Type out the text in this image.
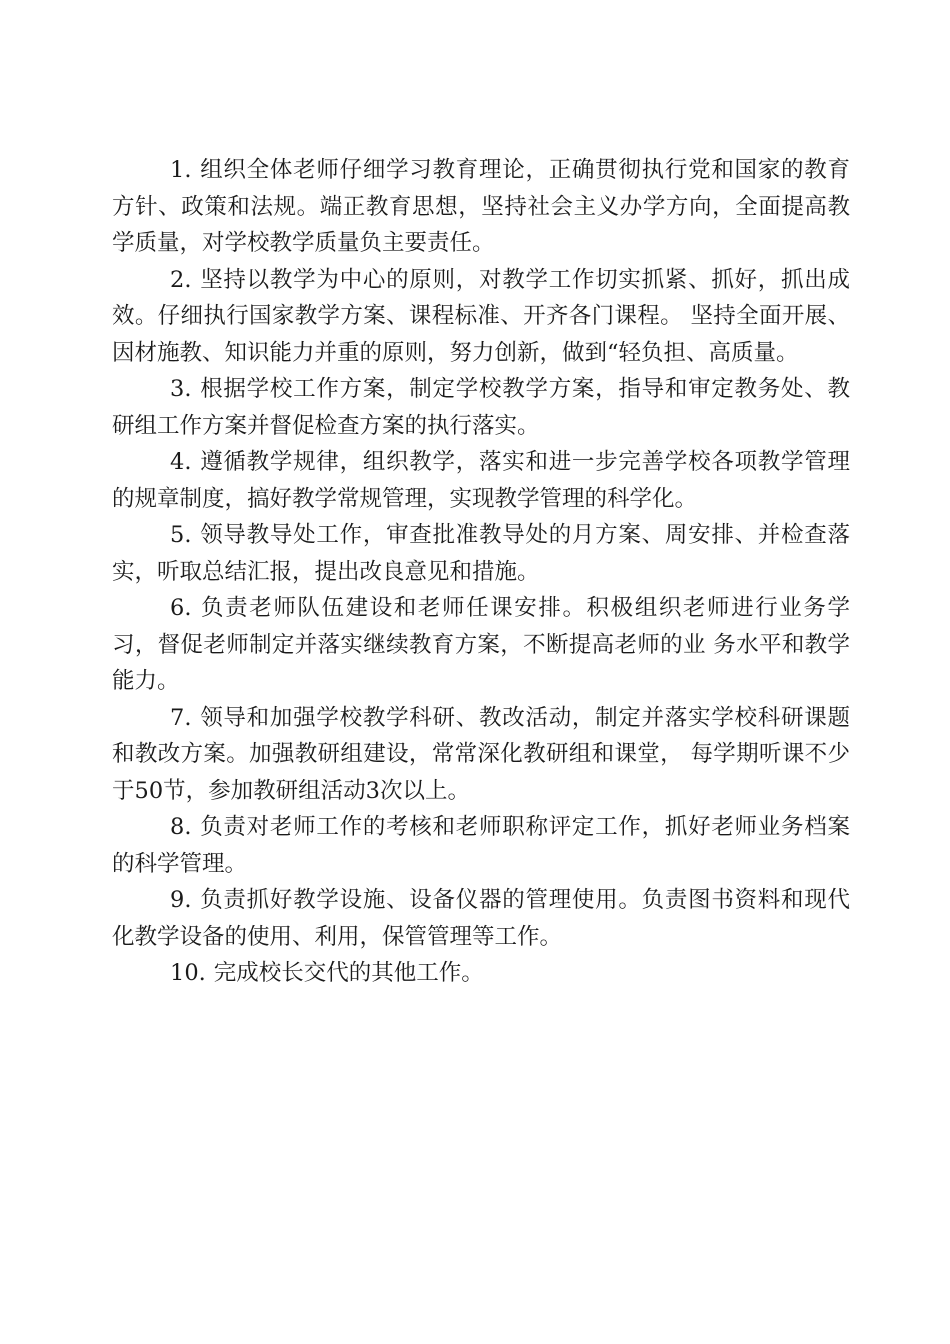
1. 组织全体老师仔细学习教育理论，正确贯彻执行党和国家的教育方针、政策和法规。端正教育思想，坚持社会主义办学方向，全面提高教学质量，对学校教学质量负主要责任。

2. 坚持以教学为中心的原则，对教学工作切实抓紧、抓好，抓出成效。仔细执行国家教学方案、课程标准、开齐各门课程。 坚持全面开展、因材施教、知识能力并重的原则，努力创新，做到“轻负担、高质量。

3. 根据学校工作方案，制定学校教学方案，指导和审定教务处、教研组工作方案并督促检查方案的执行落实。

4. 遵循教学规律，组织教学，落实和进一步完善学校各项教学管理的规章制度，搞好教学常规管理，实现教学管理的科学化。

5. 领导教导处工作，审查批准教导处的月方案、周安排、并检查落实，听取总结汇报，提出改良意见和措施。

6. 负责老师队伍建设和老师任课安排。积极组织老师进行业务学习，督促老师制定并落实继续教育方案，不断提高老师的业 务水平和教学能力。

7. 领导和加强学校教学科研、教改活动，制定并落实学校科研课题和教改方案。加强教研组建设，常常深化教研组和课堂， 每学期听课不少于50节，参加教研组活动3次以上。

8. 负责对老师工作的考核和老师职称评定工作，抓好老师业务档案的科学管理。

9. 负责抓好教学设施、设备仪器的管理使用。负责图书资料和现代化教学设备的使用、利用，保管管理等工作。

10. 完成校长交代的其他工作。
